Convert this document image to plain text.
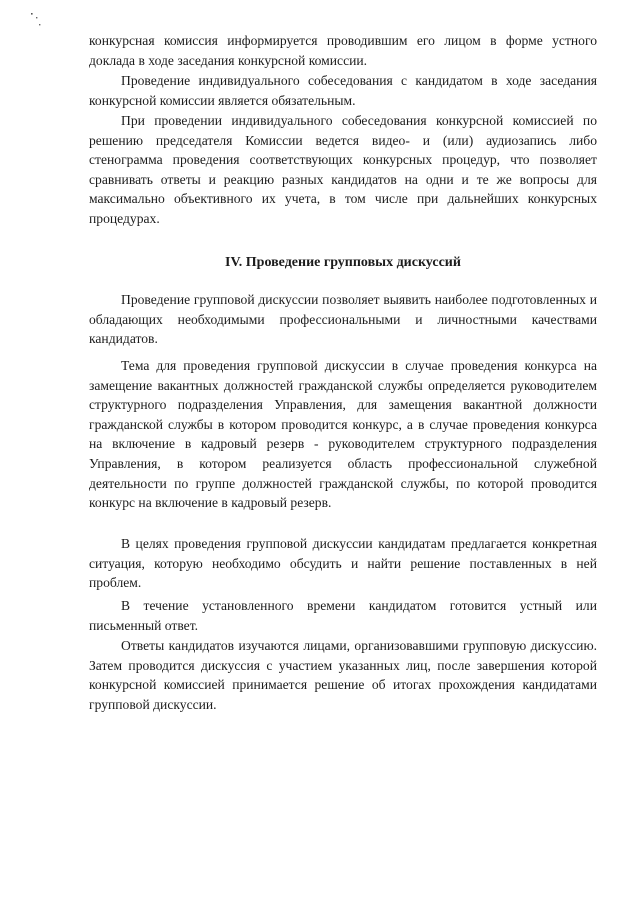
конкурсная комиссия информируется проводившим его лицом в форме устного доклада в ходе заседания конкурсной комиссии.

Проведение индивидуального собеседования с кандидатом в ходе заседания конкурсной комиссии является обязательным.

При проведении индивидуального собеседования конкурсной комиссией по решению председателя Комиссии ведется видео- и (или) аудиозапись либо стенограмма проведения соответствующих конкурсных процедур, что позволяет сравнивать ответы и реакцию разных кандидатов на одни и те же вопросы для максимально объективного их учета, в том числе при дальнейших конкурсных процедурах.

IV. Проведение групповых дискуссий

Проведение групповой дискуссии позволяет выявить наиболее подготовленных и обладающих необходимыми профессиональными и личностными качествами кандидатов.

Тема для проведения групповой дискуссии в случае проведения конкурса на замещение вакантных должностей гражданской службы определяется руководителем структурного подразделения Управления, для замещения вакантной должности гражданской службы в котором проводится конкурс, а в случае проведения конкурса на включение в кадровый резерв - руководителем структурного подразделения Управления, в котором реализуется область профессиональной служебной деятельности по группе должностей гражданской службы, по которой проводится конкурс на включение в кадровый резерв.

В целях проведения групповой дискуссии кандидатам предлагается конкретная ситуация, которую необходимо обсудить и найти решение поставленных в ней проблем.

В течение установленного времени кандидатом готовится устный или письменный ответ.

Ответы кандидатов изучаются лицами, организовавшими групповую дискуссию. Затем проводится дискуссия с участием указанных лиц, после завершения которой конкурсной комиссией принимается решение об итогах прохождения кандидатами групповой дискуссии.
